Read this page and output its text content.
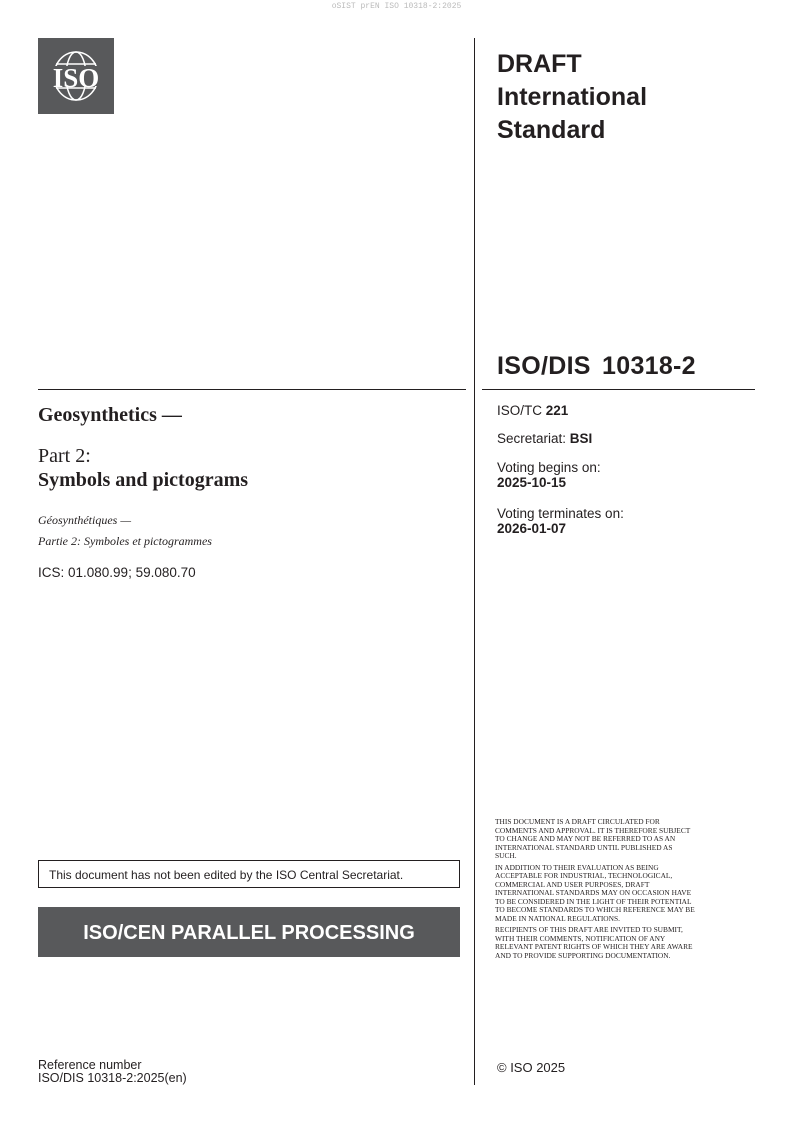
oSIST prEN ISO 10318-2:2025
ISO	DRAFT
International
Standard
ISO/DIS 10318-2
Geosynthetics —
Part 2:
Symbols and pictograms
Géosynthétiques —
Partie 2: Symboles et pictogrammes
ICS: 01.080.99; 59.080.70
ISO/TC 221
Secretariat: BSI
Voting begins on:
2025-10-15
Voting terminates on:
2026-01-07
This document has not been edited by the ISO Central Secretariat.
ISO/CEN PARALLEL PROCESSING

THIS DOCUMENT IS A DRAFT CIRCULATED FOR COMMENTS AND APPROVAL. IT IS THEREFORE SUBJECT TO CHANGE AND MAY NOT BE REFERRED TO AS AN INTERNATIONAL STANDARD UNTIL PUBLISHED AS SUCH.

IN ADDITION TO THEIR EVALUATION AS BEING ACCEPTABLE FOR INDUSTRIAL, TECHNOLOGICAL, COMMERCIAL AND USER PURPOSES, DRAFT INTERNATIONAL STANDARDS MAY ON OCCASION HAVE TO BE CONSIDERED IN THE LIGHT OF THEIR POTENTIAL TO BECOME STANDARDS TO WHICH REFERENCE MAY BE MADE IN NATIONAL REGULATIONS.

RECIPIENTS OF THIS DRAFT ARE INVITED TO SUBMIT, WITH THEIR COMMENTS, NOTIFICATION OF ANY RELEVANT PATENT RIGHTS OF WHICH THEY ARE AWARE AND TO PROVIDE SUPPORTING DOCUMENTATION.

Reference number
ISO/DIS 10318-2:2025(en)
© ISO 2025
